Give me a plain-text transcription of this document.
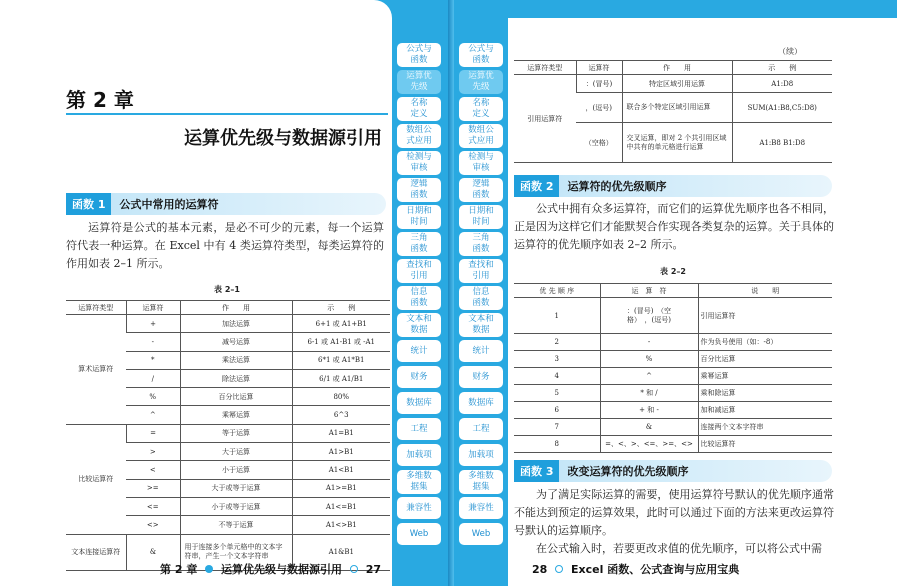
第 2 章
运算优先级与数据源引用
函数 1	公式中常用的运算符

运算符是公式的基本元素，是必不可少的元素，每一个运算符代表一种运算。在 Excel 中有 4 类运算符类型，每类运算符的作用如表 2–1 所示。

表 2–1
运算符类型	运算符	作　　用	示　　例
算术运算符	+	加法运算	6+1 或 A1+B1
	-	减号运算	6-1 或 A1-B1 或 -A1
	*	乘法运算	6*1 或 A1*B1
	/	除法运算	6/1 或 A1/B1
	%	百分比运算	80%
	^	乘幂运算	6^3
比较运算符	=	等于运算	A1=B1
	>	大于运算	A1>B1
	<	小于运算	A1<B1
	>=	大于或等于运算	A1>=B1
	<=	小于或等于运算	A1<=B1
	<>	不等于运算	A1<>B1
文本连接运算符	&	用于连接多个单元格中的文本字符串，产生一个文本字符串	A1&B1
第 2 章 运算优先级与数据源引用 27
公式与
函数
运算优
先级
名称
定义
数组公
式应用
检测与
审核
逻辑
函数
日期和
时间
三角
函数
查找和
引用
信息
函数
文本和
数据
统计
财务
数据库
工程
加载项
多维数
据集
兼容性
Web
公式与
函数
运算优
先级
名称
定义
数组公
式应用
检测与
审核
逻辑
函数
日期和
时间
三角
函数
查找和
引用
信息
函数
文本和
数据
统计
财务
数据库
工程
加载项
多维数
据集
兼容性
Web
（续）
运算符类型	运算符	作　　用	示　　例
引用运算符	：(冒号)	特定区域引用运算	A1:D8
	，(逗号)	联合多个特定区域引用运算	SUM(A1:B8,C5:D8)
	（空格）	交叉运算，即对 2 个共引用区域中共有的单元格进行运算	A1:B8 B1:D8
函数 2	运算符的优先级顺序

公式中拥有众多运算符，而它们的运算优先顺序也各不相同，正是因为这样它们才能默契合作实现各类复杂的运算。关于具体的运算符的优先顺序如表 2–2 所示。

表 2–2
优 先 顺 序	运　算　符	说　　明
1	：(冒号)　（空格）　，(逗号)	引用运算符
2	-	作为负号使用（如：-8）
3	%	百分比运算
4	^	乘幂运算
5	* 和 /	乘和除运算
6	+ 和 -	加和减运算
7	&	连接两个文本字符串
8	=、<、>、<=、>=、<>	比较运算符
函数 3	改变运算符的优先级顺序

为了满足实际运算的需要，使用运算符号默认的优先顺序通常不能达到预定的运算效果，此时可以通过下面的方法来更改运算符号默认的运算顺序。

在公式输入时，若要更改求值的优先顺序，可以将公式中需

28 Excel 函数、公式查询与应用宝典
